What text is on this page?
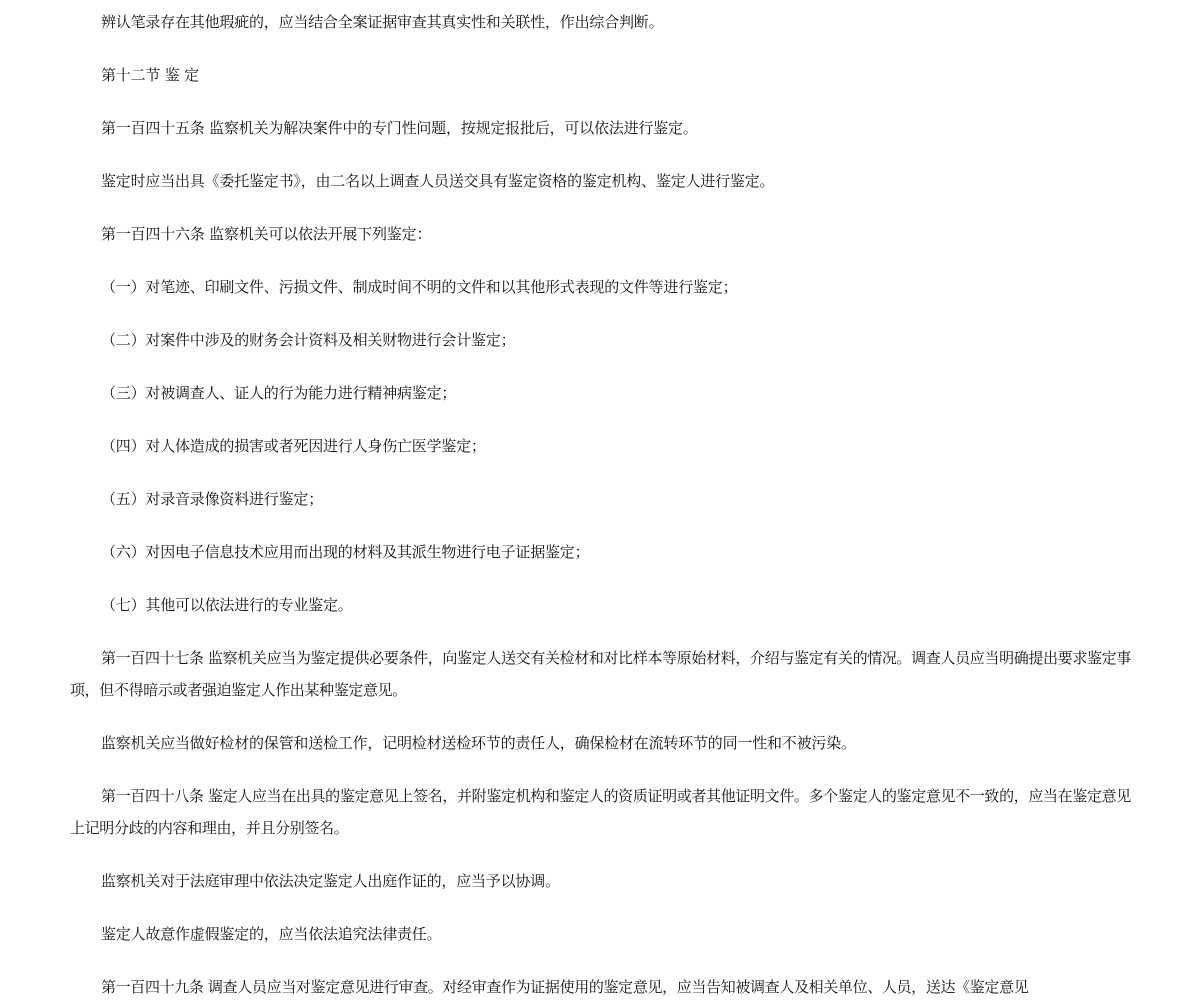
辨认笔录存在其他瑕疵的，应当结合全案证据审查其真实性和关联性，作出综合判断。

第十二节 鉴 定

第一百四十五条 监察机关为解决案件中的专门性问题，按规定报批后，可以依法进行鉴定。

鉴定时应当出具《委托鉴定书》，由二名以上调查人员送交具有鉴定资格的鉴定机构、鉴定人进行鉴定。

第一百四十六条 监察机关可以依法开展下列鉴定：

（一）对笔迹、印刷文件、污损文件、制成时间不明的文件和以其他形式表现的文件等进行鉴定；

（二）对案件中涉及的财务会计资料及相关财物进行会计鉴定；

（三）对被调查人、证人的行为能力进行精神病鉴定；

（四）对人体造成的损害或者死因进行人身伤亡医学鉴定；

（五）对录音录像资料进行鉴定；

（六）对因电子信息技术应用而出现的材料及其派生物进行电子证据鉴定；

（七）其他可以依法进行的专业鉴定。

第一百四十七条 监察机关应当为鉴定提供必要条件，向鉴定人送交有关检材和对比样本等原始材料，介绍与鉴定有关的情况。调查人员应当明确提出要求鉴定事项，但不得暗示或者强迫鉴定人作出某种鉴定意见。

监察机关应当做好检材的保管和送检工作，记明检材送检环节的责任人，确保检材在流转环节的同一性和不被污染。

第一百四十八条 鉴定人应当在出具的鉴定意见上签名，并附鉴定机构和鉴定人的资质证明或者其他证明文件。多个鉴定人的鉴定意见不一致的，应当在鉴定意见上记明分歧的内容和理由，并且分别签名。

监察机关对于法庭审理中依法决定鉴定人出庭作证的，应当予以协调。

鉴定人故意作虚假鉴定的，应当依法追究法律责任。

第一百四十九条 调查人员应当对鉴定意见进行审查。对经审查作为证据使用的鉴定意见，应当告知被调查人及相关单位、人员，送达《鉴定意见
